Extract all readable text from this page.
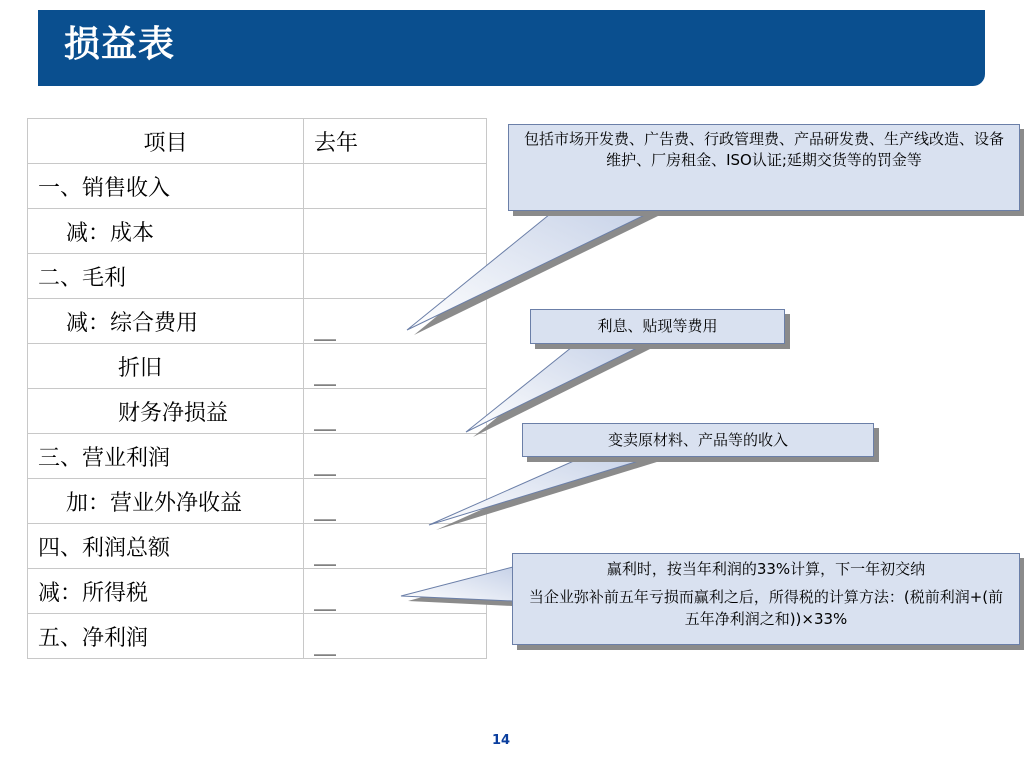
损益表
项目	去年
一、销售收入	
减：成本	
二、毛利	
减：综合费用	__
折旧	__
财务净损益	__
三、营业利润	__
加：营业外净收益	__
四、利润总额	__
减：所得税	__
五、净利润	__
包括市场开发费、广告费、行政管理费、产品研发费、生产线改造、设备维护、厂房租金、ISO认证;延期交货等的罚金等
利息、贴现等费用
变卖原材料、产品等的收入
赢利时，按当年利润的33%计算，下一年初交纳
当企业弥补前五年亏损而赢利之后，所得税的计算方法：(税前利润+(前五年净利润之和))×33%
14
